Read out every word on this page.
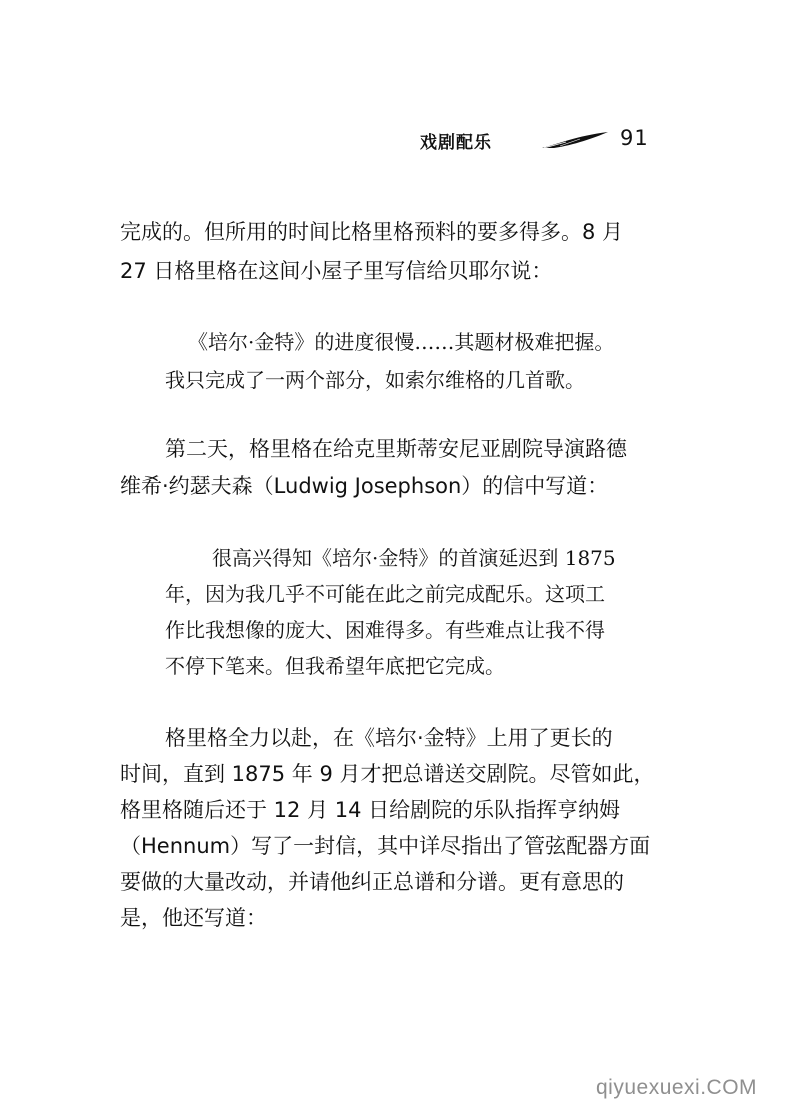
戏剧配乐	91
完成的。但所用的时间比格里格预料的要多得多。8 月
27 日格里格在这间小屋子里写信给贝耶尔说：
《培尔·金特》的进度很慢……其题材极难把握。
我只完成了一两个部分，如索尔维格的几首歌。
第二天，格里格在给克里斯蒂安尼亚剧院导演路德
维希·约瑟夫森（Ludwig Josephson）的信中写道：
很高兴得知《培尔·金特》的首演延迟到 1875
年，因为我几乎不可能在此之前完成配乐。这项工
作比我想像的庞大、困难得多。有些难点让我不得
不停下笔来。但我希望年底把它完成。
格里格全力以赴，在《培尔·金特》上用了更长的
时间，直到 1875 年 9 月才把总谱送交剧院。尽管如此，
格里格随后还于 12 月 14 日给剧院的乐队指挥亨纳姆
（Hennum）写了一封信，其中详尽指出了管弦配器方面
要做的大量改动，并请他纠正总谱和分谱。更有意思的
是，他还写道：
qiyuexuexi.COM
